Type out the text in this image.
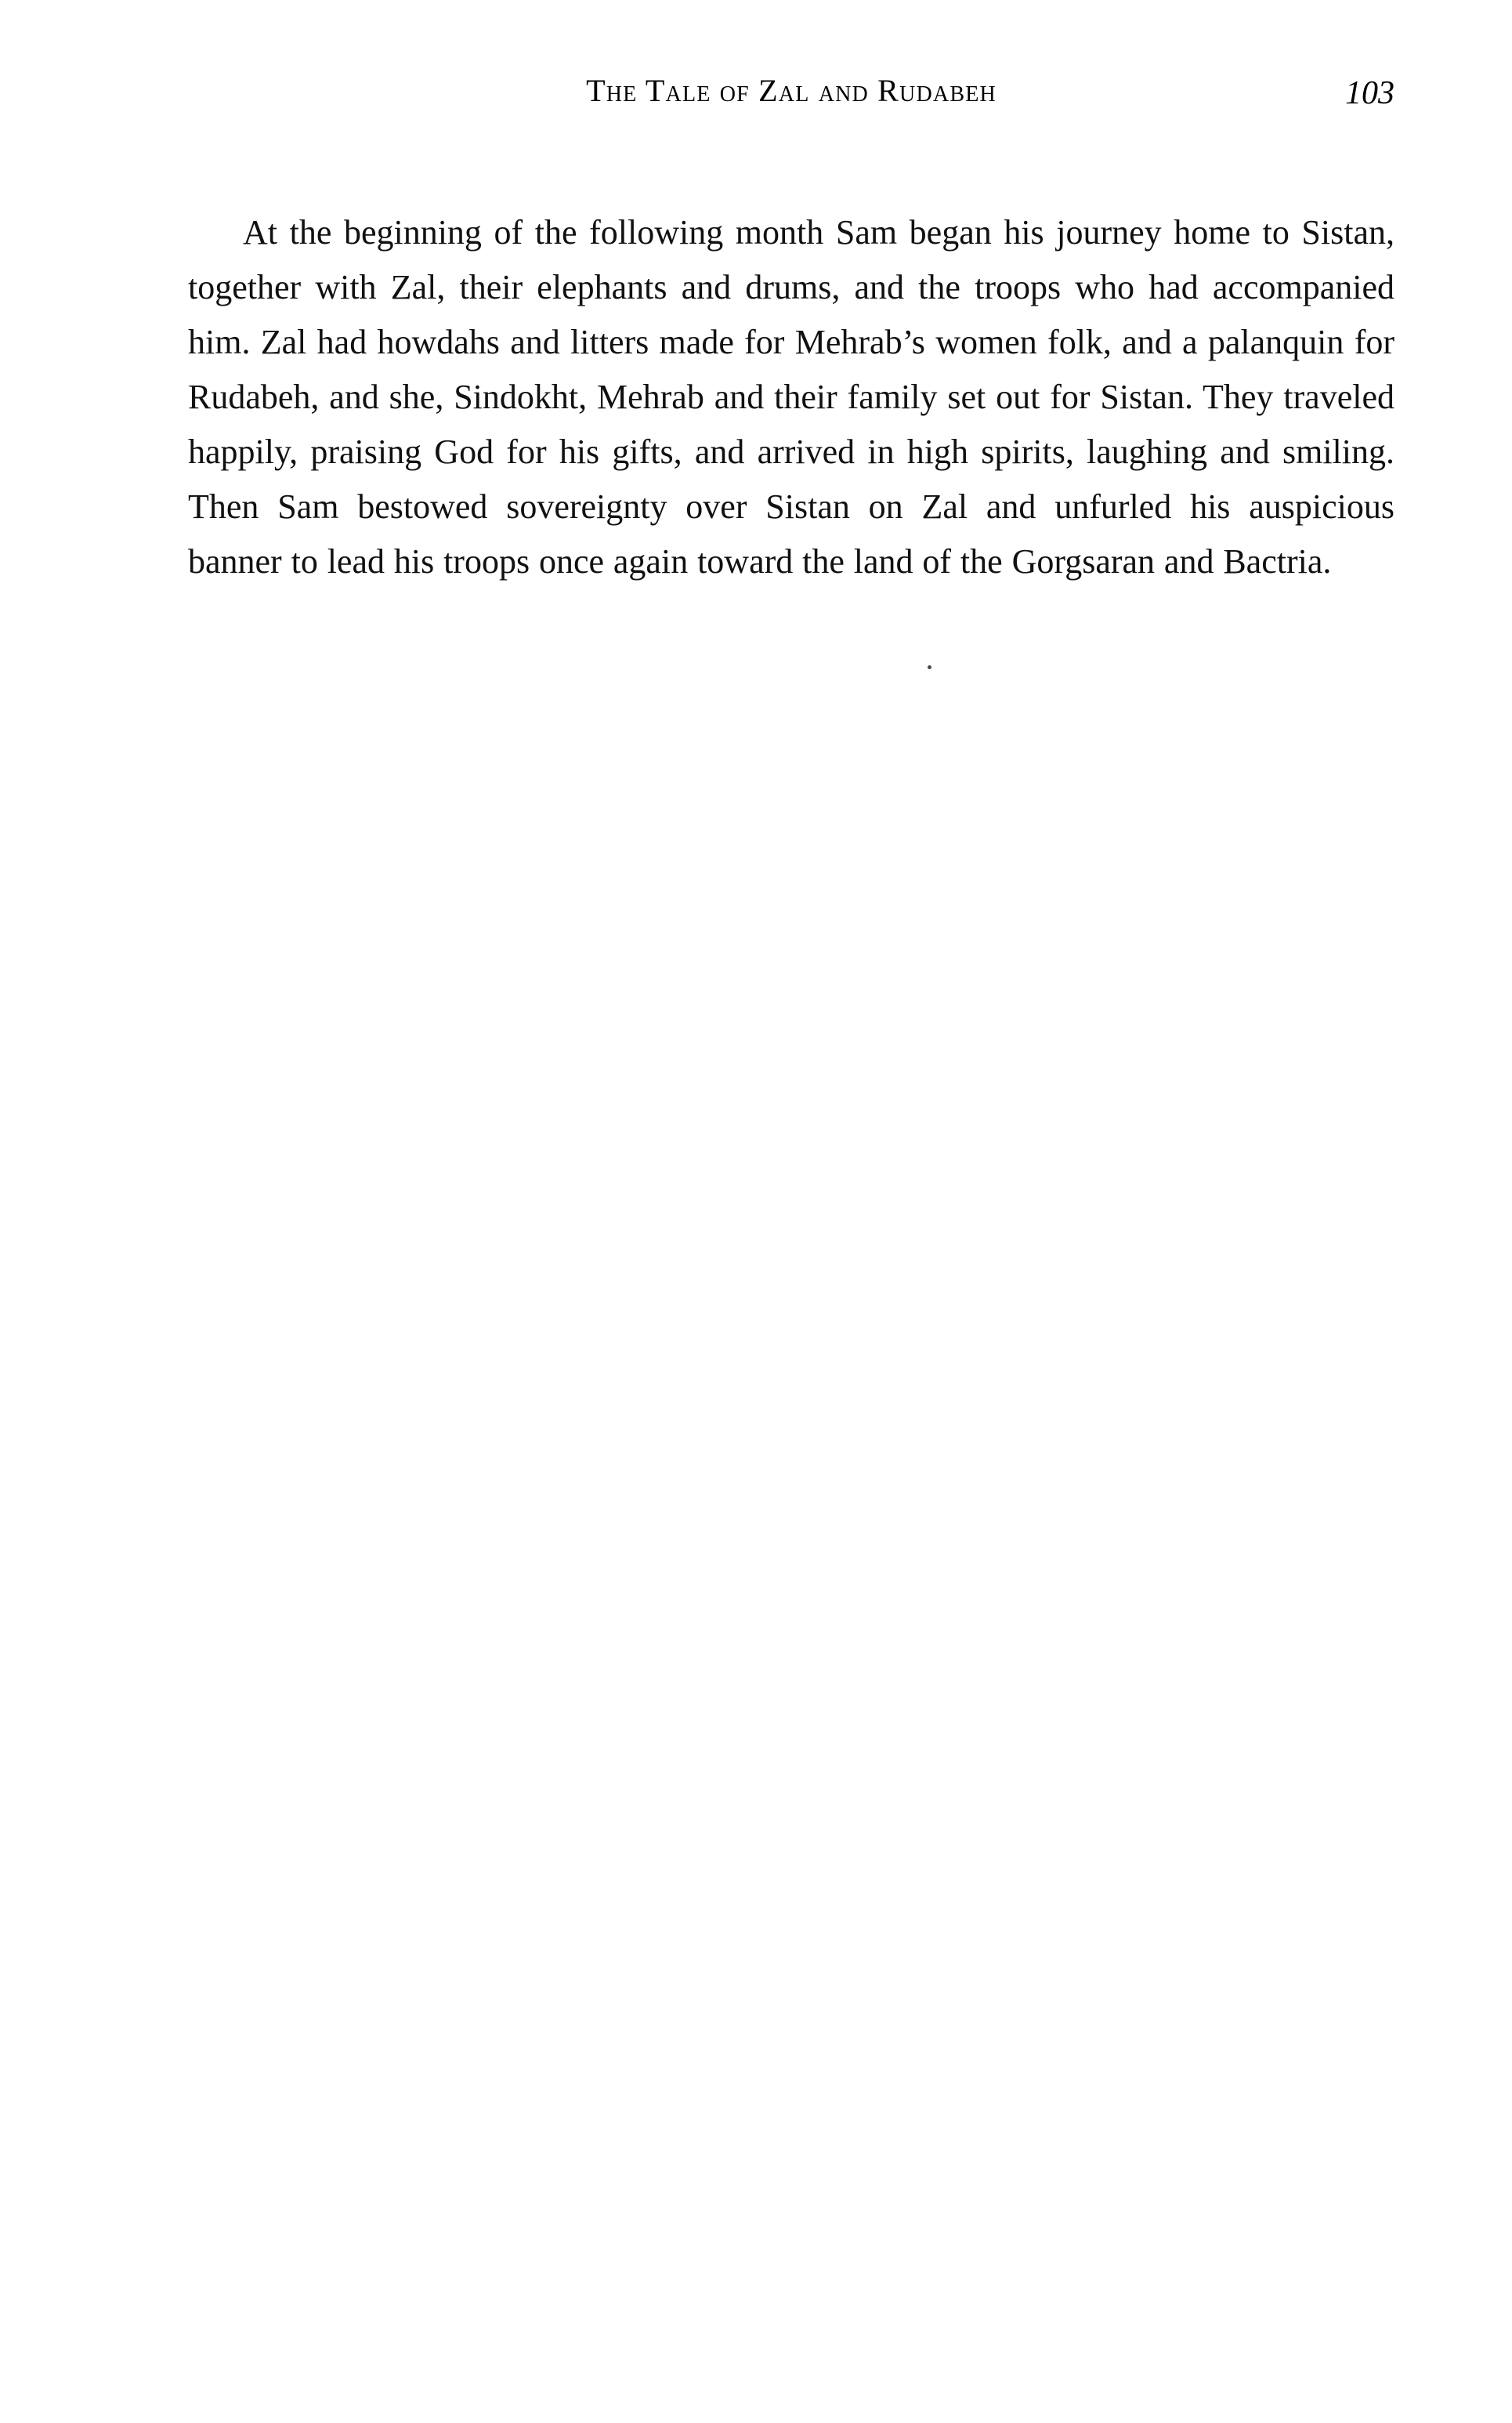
The Tale of Zal and Rudabeh	103

At the beginning of the following month Sam began his journey home to Sistan, together with Zal, their elephants and drums, and the troops who had accompanied him. Zal had howdahs and litters made for Mehrab’s women folk, and a palanquin for Rudabeh, and she, Sindokht, Mehrab and their family set out for Sistan. They traveled happily, praising God for his gifts, and arrived in high spirits, laughing and smiling. Then Sam bestowed sovereignty over Sistan on Zal and unfurled his auspicious banner to lead his troops once again toward the land of the Gorgsaran and Bactria.
